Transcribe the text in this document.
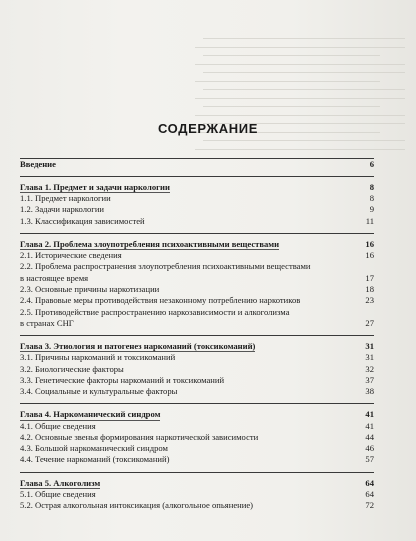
СОДЕРЖАНИЕ
Введение	6
Глава 1. Предмет и задачи наркологии	8
1.1. Предмет наркологии	8
1.2. Задачи наркологии	9
1.3. Классификация зависимостей	11
Глава 2. Проблема злоупотребления психоактивными веществами	16
2.1. Исторические сведения	16
2.2. Проблема распространения злоупотребления психоактивными веществами
в настоящее время	17
2.3. Основные причины наркотизации	18
2.4. Правовые меры противодействия незаконному потреблению наркотиков	23
2.5. Противодействие распространению наркозависимости и алкоголизма
в странах СНГ	27
Глава 3. Этиология и патогенез наркоманий (токсикоманий)	31
3.1. Причины наркоманий и токсикоманий	31
3.2. Биологические факторы	32
3.3. Генетические факторы наркоманий и токсикоманий	37
3.4. Социальные и культуральные факторы	38
Глава 4. Наркоманический синдром	41
4.1. Общие сведения	41
4.2. Основные звенья формирования наркотической зависимости	44
4.3. Большой наркоманический синдром	46
4.4. Течение наркоманий (токсикоманий)	57
Глава 5. Алкоголизм	64
5.1. Общие сведения	64
5.2. Острая алкогольная интоксикация (алкогольное опьянение)	72
